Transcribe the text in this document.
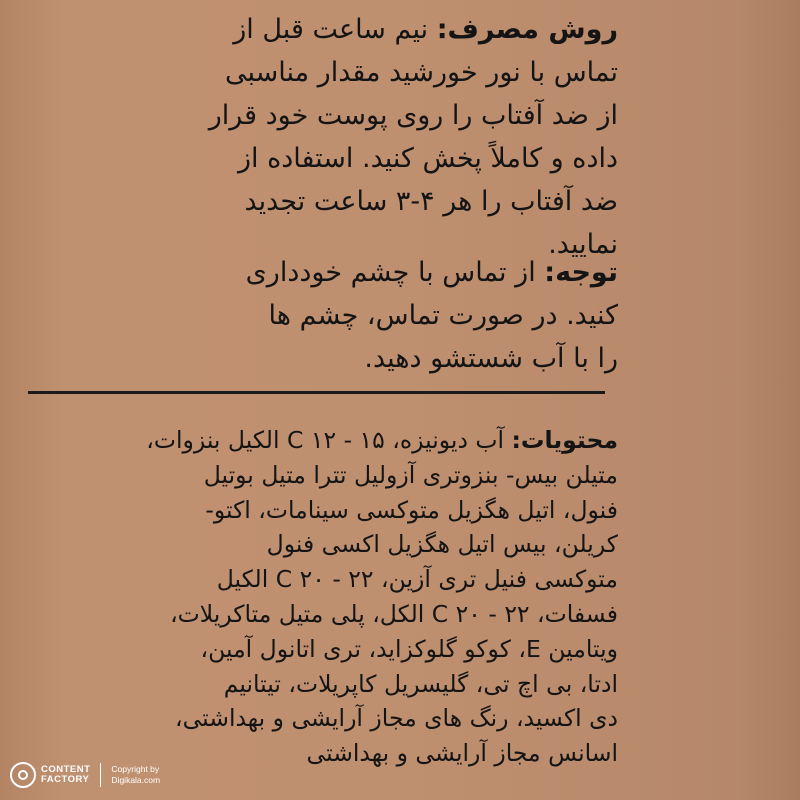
روش مصرف: نیم ساعت قبل از
تماس با نور خورشید مقدار مناسبی
از ضد آفتاب را روی پوست خود قرار
داده و کاملاً پخش کنید. استفاده از
ضد آفتاب را هر ۴-۳ ساعت تجدید
نمایید.
توجه: از تماس با چشم خودداری
کنید. در صورت تماس، چشم ها
را با آب شستشو دهید.
محتویات: آب دیونیزه، ۱۵ - ۱۲ C الکیل بنزوات،
متیلن بیس- بنزوتری آزولیل تترا متیل بوتیل
فنول، اتیل هگزیل متوکسی سینامات، اکتو-
کریلن، بیس اتیل هگزیل اکسی فنول
متوکسی فنیل تری آزین، ۲۲ - ۲۰ C الکیل
فسفات، ۲۲ - ۲۰ C الکل، پلی متیل متاکریلات،
ویتامین E، کوکو گلوکزاید، تری اتانول آمین،
ادتا، بی اچ تی، گلیسریل کاپریلات، تیتانیم
دی اکسید، رنگ های مجاز آرایشی و بهداشتی،
اسانس مجاز آرایشی و بهداشتی
CONTENT
FACTORY
Copyright by
Digikala.com
